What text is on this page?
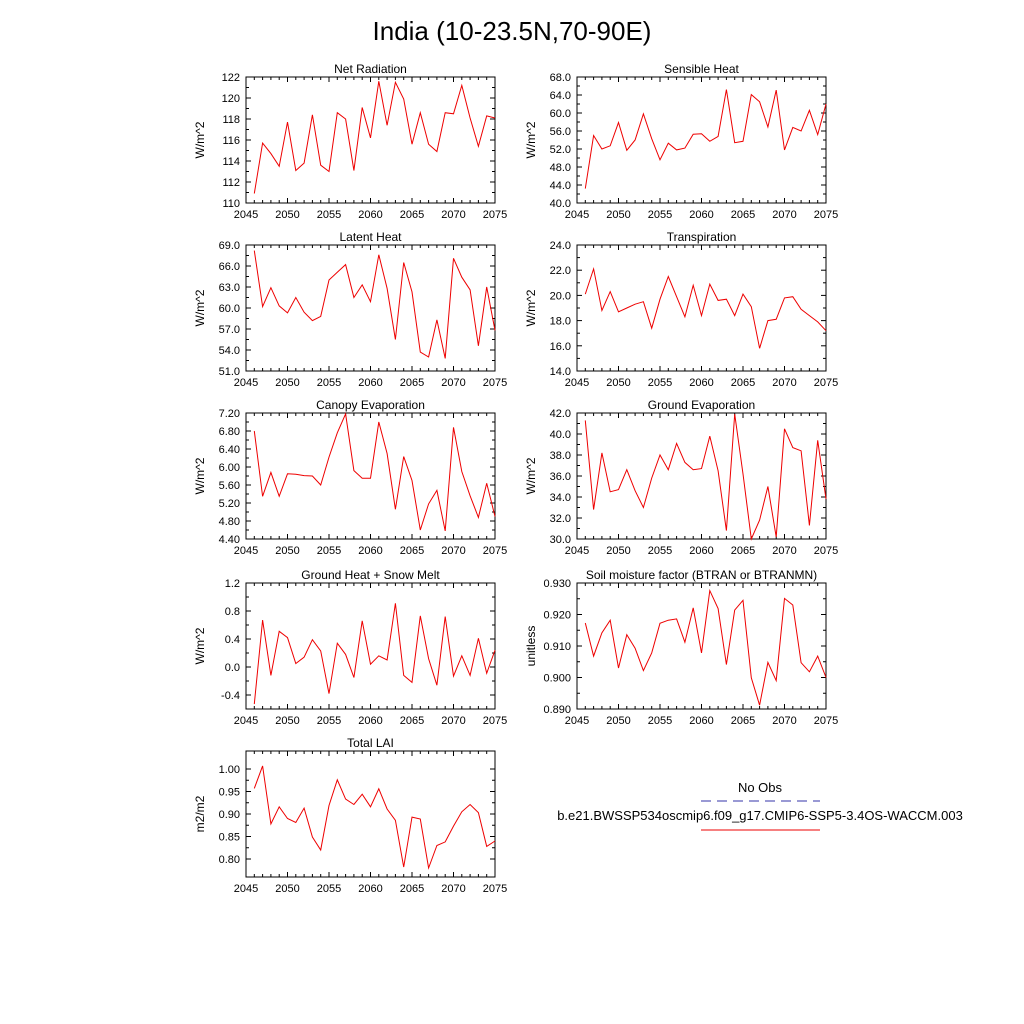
India (10-23.5N,70-90E)
Net Radiation
2045 2050 2055 2060 2065 2070 2075
110
112
114
116
118
120
122
W/m^2
Sensible Heat
2045 2050 2055 2060 2065 2070 2075
40.0
44.0
48.0
52.0
56.0
60.0
64.0
68.0
W/m^2
Latent Heat
2045 2050 2055 2060 2065 2070 2075
51.0
54.0
57.0
60.0
63.0
66.0
69.0
W/m^2
Transpiration
2045 2050 2055 2060 2065 2070 2075
14.0
16.0
18.0
20.0
22.0
24.0
W/m^2
Canopy Evaporation
2045 2050 2055 2060 2065 2070 2075
4.40
4.80
5.20
5.60
6.00
6.40
6.80
7.20
W/m^2
Ground Evaporation
2045 2050 2055 2060 2065 2070 2075
30.0
32.0
34.0
36.0
38.0
40.0
42.0
W/m^2
Ground Heat + Snow Melt
2045 2050 2055 2060 2065 2070 2075
-0.4
0.0
0.4
0.8
1.2
W/m^2
Soil moisture factor (BTRAN or BTRANMN)
2045 2050 2055 2060 2065 2070 2075
0.890
0.900
0.910
0.920
0.930
unitless
Total LAI
2045 2050 2055 2060 2065 2070 2075
0.80
0.85
0.90
0.95
1.00
m2/m2
No Obs
b.e21.BWSSP534oscmip6.f09_g17.CMIP6-SSP5-3.4OS-WACCM.003
